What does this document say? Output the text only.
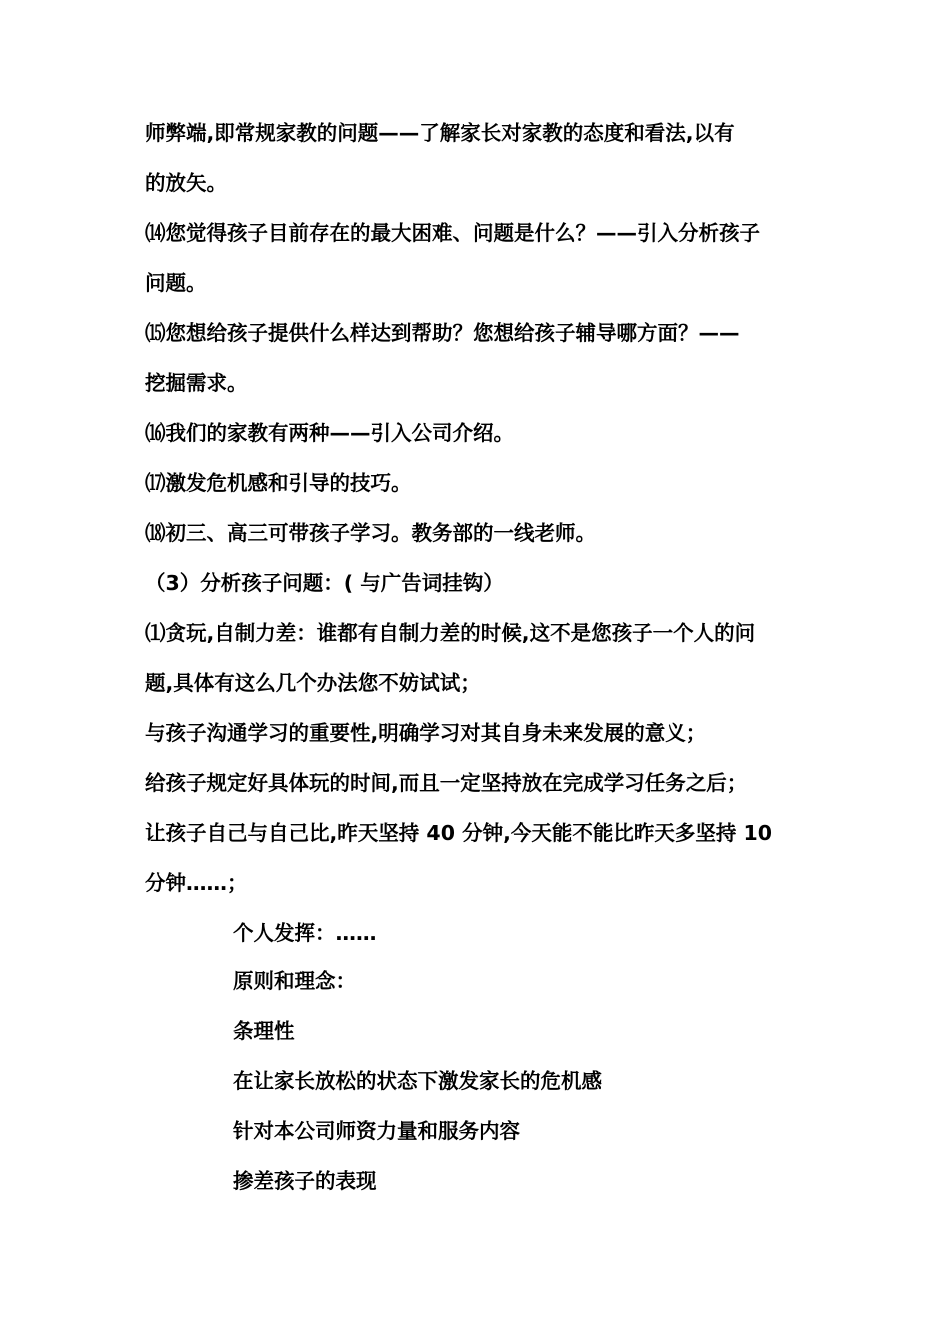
师弊端,即常规家教的问题——了解家长对家教的态度和看法,以有
的放矢。
⒁您觉得孩子目前存在的最大困难、问题是什么？——引入分析孩子
问题。
⒂您想给孩子提供什么样达到帮助？您想给孩子辅导哪方面？——
挖掘需求。
⒃我们的家教有两种——引入公司介绍。
⒄激发危机感和引导的技巧。
⒅初三、高三可带孩子学习。教务部的一线老师。
（3）分析孩子问题：( 与广告词挂钩）
⑴贪玩,自制力差：谁都有自制力差的时候,这不是您孩子一个人的问
题,具体有这么几个办法您不妨试试；
与孩子沟通学习的重要性,明确学习对其自身未来发展的意义；
给孩子规定好具体玩的时间,而且一定坚持放在完成学习任务之后；
让孩子自己与自己比,昨天坚持 40 分钟,今天能不能比昨天多坚持 10
分钟……；
个人发挥：……
原则和理念：
条理性
在让家长放松的状态下激发家长的危机感
针对本公司师资力量和服务内容
掺差孩子的表现
